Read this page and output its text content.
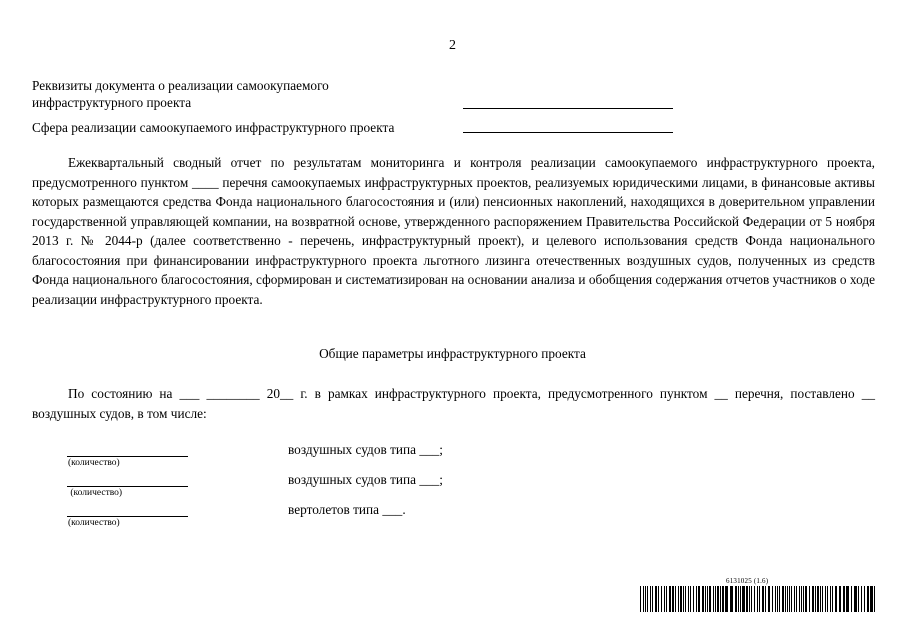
2
Реквизиты документа о реализации самоокупаемого инфраструктурного проекта
Сфера реализации самоокупаемого инфраструктурного проекта
Ежеквартальный сводный отчет по результатам мониторинга и контроля реализации самоокупаемого инфраструктурного проекта, предусмотренного пунктом ____ перечня самоокупаемых инфраструктурных проектов, реализуемых юридическими лицами, в финансовые активы которых размещаются средства Фонда национального благосостояния и (или) пенсионных накоплений, находящихся в доверительном управлении государственной управляющей компании, на возвратной основе, утвержденного распоряжением Правительства Российской Федерации от 5 ноября 2013 г. № 2044-р (далее соответственно - перечень, инфраструктурный проект), и целевого использования средств Фонда национального благосостояния при финансировании инфраструктурного проекта льготного лизинга отечественных воздушных судов, полученных из средств Фонда национального благосостояния, сформирован и систематизирован на основании анализа и обобщения содержания отчетов участников о ходе реализации инфраструктурного проекта.
Общие параметры инфраструктурного проекта
По состоянию на ___ ________ 20__ г. в рамках инфраструктурного проекта, предусмотренного пунктом __ перечня, поставлено __ воздушных судов, в том числе:
(количество)
воздушных судов типа ___;
(количество)
воздушных судов типа ___;
(количество)
вертолетов типа ___.
6131025 (1.6)
